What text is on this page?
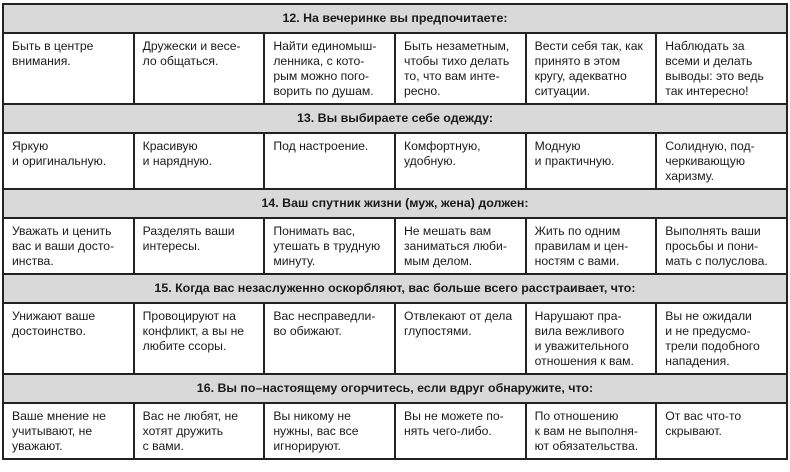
12. На вечеринке вы предпочитаете:					

Быть в центре
внимания.	Дружески и весе-
ло общаться.	Найти единомыш-
ленника, с кото-
рым можно пого-
ворить по душам.	Быть незаметным,
чтобы тихо делать
то, что вам инте-
ресно.	Вести себя так, как
принято в этом
кругу, адекватно
ситуации.	Наблюдать за
всеми и делать
выводы: это ведь
так интересно!

13. Вы выбираете себе одежду:					

Яркую
и оригинальную.	Красивую
и нарядную.	Под настроение.	Комфортную,
удобную.	Модную
и практичную.	Солидную, под-
черкивающую
харизму.

14. Ваш спутник жизни (муж, жена) должен:					

Уважать и ценить
вас и ваши досто-
инства.	Разделять ваши
интересы.	Понимать вас,
утешать в трудную
минуту.	Не мешать вам
заниматься люби-
мым делом.	Жить по одним
правилам и цен-
ностям с вами.	Выполнять ваши
просьбы и пони-
мать с полуслова.

15. Когда вас незаслуженно оскорбляют, вас больше всего расстраивает, что:					

Унижают ваше
достоинство.	Провоцируют на
конфликт, а вы не
любите ссоры.	Вас несправедли-
во обижают.	Отвлекают от дела
глупостями.	Нарушают пра-
вила вежливого
и уважительного
отношения к вам.	Вы не ожидали
и не предусмо-
трели подобного
нападения.

16. Вы по–настоящему огорчитесь, если вдруг обнаружите, что:					

Ваше мнение не
учитывают, не
уважают.	Вас не любят, не
хотят дружить
с вами.	Вы никому не
нужны, вас все
игнорируют.	Вы не можете по-
нять чего-либо.	По отношению
к вам не выполня-
ют обязательства.	От вас что-то
скрывают.
